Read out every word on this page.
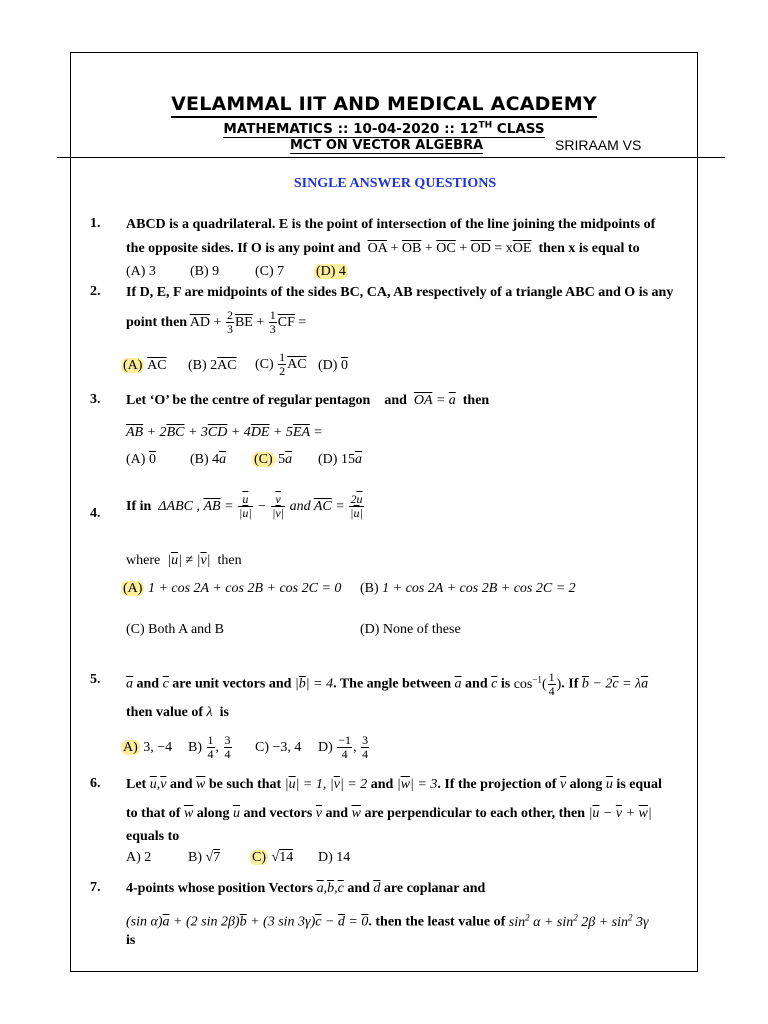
VELAMMAL IIT AND MEDICAL ACADEMY
MATHEMATICS :: 10-04-2020 :: 12TH CLASS
MCT ON VECTOR ALGEBRA	SRIRAAM VS
SINGLE ANSWER QUESTIONS
1. ABCD is a quadrilateral. E is the point of intersection of the line joining the midpoints of
the opposite sides. If O is any point and $\overline{OA} + \overline{OB} + \overline{OC} + \overline{OD} = x\overline{OE}$ then x is equal to
(A) 3 (B) 9	(C) 7 (D) 4
2. If D, E, F are midpoints of the sides BC, CA, AB respectively of a triangle ABC and O is any
point then $\overline{AD} + \frac{2}{3} \overline{BE} + \frac{1}{3} \overline{CF}$ =
(A) $\overline{AC}$ (B) $2\overline{AC}$ $(C) \frac{1}{2} \overline{AC}$ (D) 0
3. Let ‘O’ be the centre of regular pentagon and $\overline{OA} = \overline{a}$ then
$\overline{AB} + 2\overline{BC} + 3\overline{CD} + 4\overline{DE} + 5\overline{EA}$ =
(A) 0 (B) $4\overline{a}$ (C) $5\overline{a}$ (D) $15\overline{a}$
4. If in  ΔABC , $\overline{AB} = \frac{\overline{u}}{|\overline{u}|} - \frac{\overline{v}}{|\overline{v}|}$ and $\overline{AC} = \frac{2\overline{u}}{|\overline{u}|}$
where  $|\overline{u}| \ne |\overline{v}|$  then
(A) 1 + cos 2A + cos 2B + cos 2C = 0 (B) 1 + cos 2A + cos 2B + cos 2C = 2
(C) Both A and B	(D) None of these
5. $\overline{a}$ and $\overline{c}$ are unit vectors and $|\overline{b}| = 4$. The angle between $\overline{a}$ and $\overline{c}$ is $\cos^{-1}( \frac{1}{4}$ ). If $\overline{b} - 2\overline{c} = \lambda\overline{a}$
then value of λ is
A) 3, −4 $B) \frac{1}{4}$ , $\frac{3}{4} C) -3$, 4 $D) \frac{-1}{4}$ , $\frac{3}{4}$
6. Let $\overline{u},\overline{v}$ and $\overline{w}$ be such that $|\overline{u}| = 1$, $|\overline{v}| = 2$ and $|\overline{w}| = 3$. If the projection of $\overline{v}$ along $\overline{u}$ is equal
to that of $\overline{w}$ along $\overline{u}$ and vectors $\overline{v}$ and $\overline{w}$ are perpendicular to each other, then $|\overline{u} - \overline{v} + \overline{w}|$
equals to
A) 2	B) √7 C) √14 D) 14
7. 4-points whose position Vectors $\overline{a},\overline{b},\overline{c}$ and $\overline{d}$ are coplanar and
(sin $\alpha)\overline{a} + (2$ $\sin 2\beta)\overline{b} + (3$ $\sin 3\gamma)\overline{c} - \overline{d} = 0$. then the least value of $\sin^2 \alpha + \sin^2 2\beta + \sin^2 3\gamma$
is
